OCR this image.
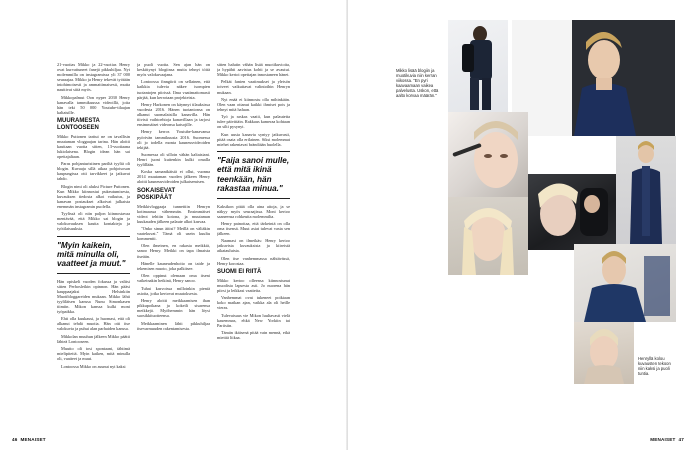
21-vuotias Mikko ja 22-vuotias Henry ovat kurvattuneet fanejä pikkuhiljaa. Nyt molemmilla on instagramissa yli 37 000 seuraajaa. Mikko ja Henry tekevät työtään intohimoisesti ja ammattimaisesti, mutta nauttivat siitä myös.

Mikkopalmut Oon nyper 2030 Henry kanavalla tammikuussa videoillä, joita hän teki 50 000 Youtube-tilaajan kaltaisille.

MUURAMESTA LONTOOSEEN

Mikko Puttonen tarttui ne on tavallisin muutaman vloggaajan tarina. Hän aloitti kauttaan vuotta sitten, 13-vuotiaana lukiolaisena. Blogin idean hän sai opettajaltaan.

Paras pohjanturistinen pariltä tyyliä oli blogin. Kuvaaja sillä aikaa pohjoisosan kaupungissa otti tarvikkeet ja jatkuvat tahdo.

Blogin nimi oli aluksi Picture Puttonen. Kun Mikko kiinnostui pukeutumisesta, kuvauksen tiedosta alkoi vaikutus, ja kanavan postaukset alkoivat julkaista enemmän instagramin puolella.

Tyylissä oli niin paljon kiinnostavaa mentävää, että Mikko sai blogin ja valokuvauksen kautta kontakteja ja työtilaisuuksia.

"Myin kaikein, mitä minulla oli, vaatteet ja muut."

Hän opiskeli vuoden fokussa ja valitsi sitten Perhosleikin opinnon. Hän pääsi kauppaajaksi Helsinkiin Muotibloggareiden mukaan. Mikko lähti tyyliläisen kanssa Nunu Simonkasen tiimiin. Mikon kanssa kulki moni työpaikka.

Ehti olla kuukausi, ja huomasi, että oli alkanut tehdä muotia. Hän otti itse valokuvia ja puhui alan parhaiden kanssa.

Mikkolan muuhun jälkeen Mikko päätti lähteä Lontooseen.

Muutto oli tosi spontaani, tähtimä mielipiteitä. Myin kaiken, mitä minulla oli, vaatteet ja muut.

Lontoossa Mikko on asunut nyt kaksi

ja puoli vuotta. Sen ajan hän on keskittynyt blogiinsa mutta tehnyt töitä myös valokuvaajana.

Lontoossa finngiirit on sellainen, että kaikkia tulevia näkee isompien tuotantojen piirissä. Ilma vaatimattomasti pärjää, kun kerrotaan projekteista.

Henry Harkonen on käynnyt tilauksissa vuodesta 2016. Hänen tuotantonsa on alkanut suomalaisilla kanavilla. Hän tiivisti vaihtoehtoja kanavillaan ja tarjosi ensimmäiset videonsa katsojille.

Henry kerros Youtube-kanavansa pyörivän tammikuusta 2016. Suomessa oli jo todella monta kauneusvideoiden tekijää.

Suomessa oli silloin vähän kaltaisiani. Henri juoni kuitenkin kulki omalla tyylillään.

Koska samanikäisiä ei ollut, vuonna 2014 muutaman vuoden jälkeen Henry aloitti kauneusvideoiden julkaisemisen.

SOKAISEVAT POSKIPÄÄT

Meikkivloggaaja tunnettiin Henryn kotimaassa vähemmän. Ensimmäiset videot tehtiin kotona, ja muutaman kuukauden jälkeen palaute alkoi kasvaa.

"Onko sinun äitisi? Meillä on väliäkin vaatekuvat." Tämä oli usein kuultu kommentti.

Olen ilmeinen, en rakasta meikkiä, sanoo Henry. Meikki on tapa ilmaista itseään.

Hänelle kauneudenhoito on taide ja tekemisen muoto, joka palkitsee.

Olen oppinut olemaan oma itseni vaikeinakin hetkinä, Henry sanoo.

Tuhat kasvoissa milloinkin pieniä asioita, jotka kertovat muutoksesta.

Henry aloitti meikkaamisen ihan pikkupoikana ja kokeili sisarensa meikkejä. Myöhemmin hän löysi suosikkituotteensa.

Meikkaaminen lähti pikkuhiljaa itsevarmuuden rakentamisesta.

sitten halutin vähän lisää muotikuvioita, ja hypähti aavistus kohti ja se avautui. Mikko kertoi opettajan innostaneen hänet.

Pelkät fanien vaatimukset ja yleisön toiveet vaikuttavat valintoihin Henryn mukaan.

Nyt enää ei kiinnostu olla mihinkään. Olen vaan ottanut kaikki ihmiset pois ja tehnyt mitä haluan.

Työ ja raskas vaatii, kun palautetta tulee päivittäin. Rakkaus kameraa kohtaan on silti pysynyt.

Kun uusia kanavia syntyy jatkuvasti, pitää osata olla erilainen. Siksi molemmat miehet rakentavat brändiään huolella.

"Faija sanoi mulle, että mitä ikinä teenkään, hän rakastaa minua."

Kaksikon pitää olla aina aitoja, ja se näkyy myös seuraajissa. Moni kertoo saaneensa rohkeutta molemmilta.

Henry painottaa, että tärkeintä on olla oma itsensä. Muut asiat tulevat vasta sen jälkeen.

Naamasi on ilmeikäs: Henry kertoo jatkuvista kuvauksista ja kiireistä aikatauluista.

Olen itse vanhemmassa nähtävässä, Henry korostaa.

SUOMI EI RIITÄ

Mikko kertoo olleensa kiinnostunut muodista lapsesta asti. Jo nuorena hän piirsi ja leikkasi vaatteita.

Vanhemmat ovat tukeneet poikiaan koko matkan ajan, vaikka ala oli heille vieras.

Tulevaisuus vie Mikon luultavasti vielä kauemmas, ehkä New Yorkiin tai Pariisiin.

Tämän ikäisenä pitää vain mennä, eikä miettiä liikaa.

46 MENAISET
Mikko lisää blogiin ja muotikuvia niin kerran viikossa. "En pyri kaavaamaan vaikea palvelusta. Uskon, että aalto korvaa määrän."
Henryllä kolou kuvausten tekoon niin kaksi ja puoli tuntia.
MENAISET 47
